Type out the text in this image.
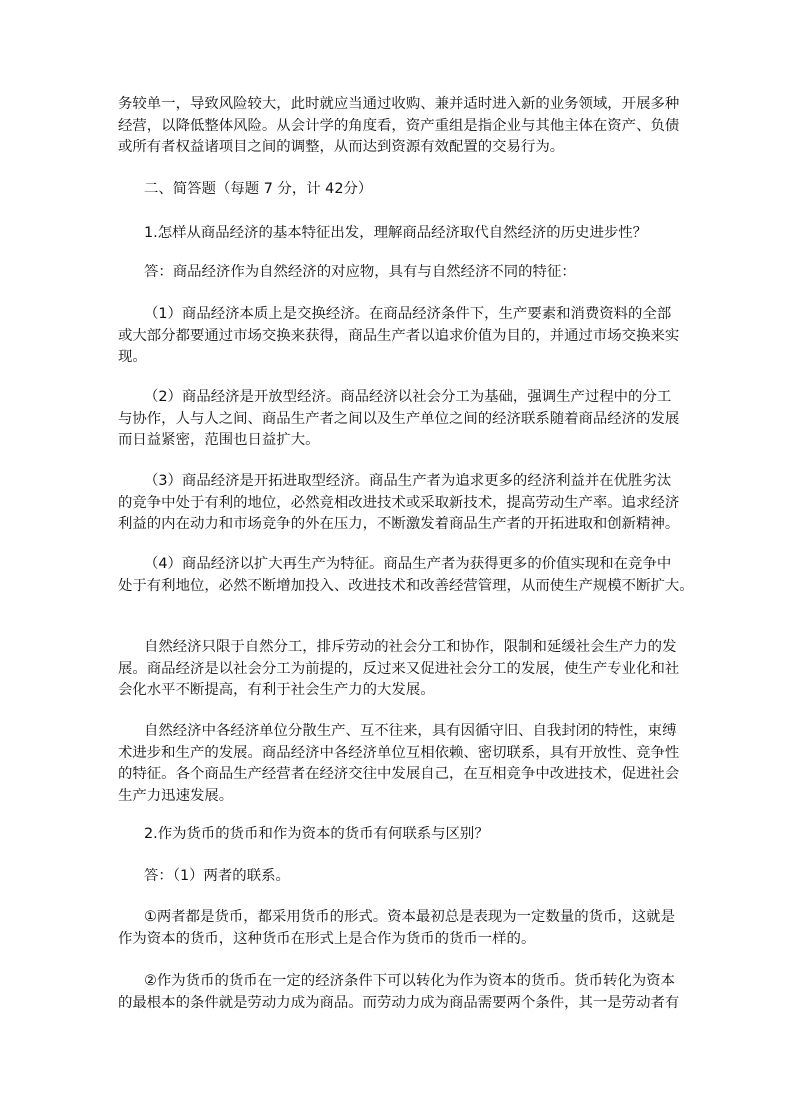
务较单一，导致风险较大，此时就应当通过收购、兼并适时进入新的业务领域，开展多种
经营，以降低整体风险。从会计学的角度看，资产重组是指企业与其他主体在资产、负债
或所有者权益诸项目之间的调整，从而达到资源有效配置的交易行为。
二、简答题（每题 7 分，计 42分）
1.怎样从商品经济的基本特征出发，理解商品经济取代自然经济的历史进步性？
答：商品经济作为自然经济的对应物，具有与自然经济不同的特征：
（1）商品经济本质上是交换经济。在商品经济条件下，生产要素和消费资料的全部
或大部分都要通过市场交换来获得，商品生产者以追求价值为目的，并通过市场交换来实
现。
（2）商品经济是开放型经济。商品经济以社会分工为基础，强调生产过程中的分工
与协作，人与人之间、商品生产者之间以及生产单位之间的经济联系随着商品经济的发展
而日益紧密，范围也日益扩大。
（3）商品经济是开拓进取型经济。商品生产者为追求更多的经济利益并在优胜劣汰
的竞争中处于有利的地位，必然竞相改进技术或采取新技术，提高劳动生产率。追求经济
利益的内在动力和市场竞争的外在压力，不断激发着商品生产者的开拓进取和创新精神。
（4）商品经济以扩大再生产为特征。商品生产者为获得更多的价值实现和在竞争中
处于有利地位，必然不断增加投入、改进技术和改善经营管理，从而使生产规模不断扩大。
自然经济只限于自然分工，排斥劳动的社会分工和协作，限制和延缓社会生产力的发
展。商品经济是以社会分工为前提的，反过来又促进社会分工的发展，使生产专业化和社
会化水平不断提高，有利于社会生产力的大发展。
自然经济中各经济单位分散生产、互不往来，具有因循守旧、自我封闭的特性，束缚
术进步和生产的发展。商品经济中各经济单位互相依赖、密切联系，具有开放性、竞争性
的特征。各个商品生产经营者在经济交往中发展自己，在互相竞争中改进技术，促进社会
生产力迅速发展。
2.作为货币的货币和作为资本的货币有何联系与区别？
答：（1）两者的联系。
①两者都是货币，都采用货币的形式。资本最初总是表现为一定数量的货币，这就是
作为资本的货币，这种货币在形式上是合作为货币的货币一样的。
②作为货币的货币在一定的经济条件下可以转化为作为资本的货币。货币转化为资本
的最根本的条件就是劳动力成为商品。而劳动力成为商品需要两个条件，其一是劳动者有
